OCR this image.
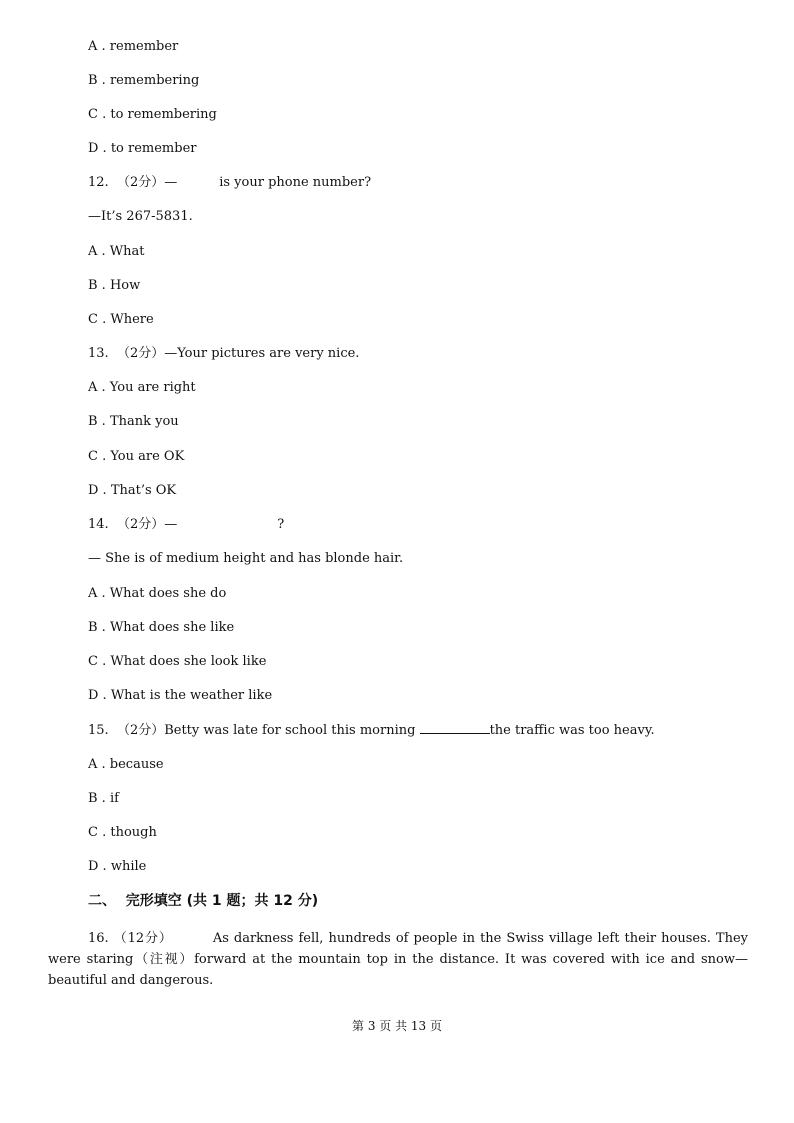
A . remember
B . remembering
C . to remembering
D . to remember
12.  （2分）—	is your phone number?
—It’s 267-5831.
A . What
B . How
C . Where
13.  （2分）—Your pictures are very nice.
A . You are right
B . Thank you
C . You are OK
D . That’s OK
14.  （2分）—	?
— She is of medium height and has blonde hair.
A . What does she do
B . What does she like
C . What does she look like
D . What is the weather like
15.  （2分）Betty was late for school this morning	the traffic was too heavy.
A . because
B . if
C . though
D . while
二、  完形填空 (共 1 题；共 12 分)
16. （12分）	As darkness fell, hundreds of people in the Swiss village left their houses. They were staring（注视）forward at the mountain top in the distance. It was covered with ice and snow—beautiful and dangerous.
第 3 页 共 13 页
